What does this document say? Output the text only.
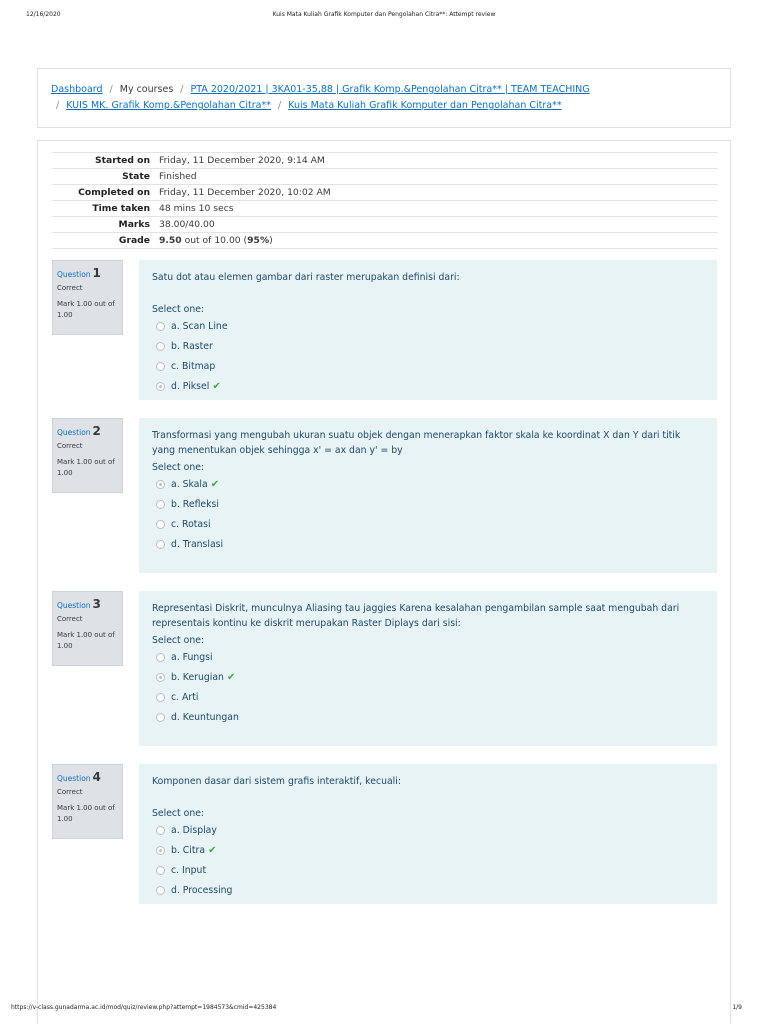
12/16/2020	Kuis Mata Kuliah Grafik Komputer dan Pengolahan Citra**: Attempt review
Dashboard / My courses / PTA 2020/2021 | 3KA01-35,88 | Grafik Komp.&Pengolahan Citra** | TEAM TEACHING
/ KUIS MK. Grafik Komp.&Pengolahan Citra** / Kuis Mata Kuliah Grafik Komputer dan Pengolahan Citra**
Started on	Friday, 11 December 2020, 9:14 AM
State	Finished
Completed on	Friday, 11 December 2020, 10:02 AM
Time taken	48 mins 10 secs
Marks	38.00/40.00
Grade	9.50 out of 10.00 (95%)
Question 1
Correct
Mark 1.00 out of 1.00
Satu dot atau elemen gambar dari raster merupakan definisi dari:
Select one:
a. Scan Line
b. Raster
c. Bitmap
d. Piksel ✔
Question 2
Correct
Mark 1.00 out of 1.00
Transformasi yang mengubah ukuran suatu objek dengan menerapkan faktor skala ke koordinat X dan Y dari titik yang menentukan objek sehingga x' = ax dan y' = by
Select one:
a. Skala ✔
b. Refleksi
c. Rotasi
d. Translasi
Question 3
Correct
Mark 1.00 out of 1.00
Representasi Diskrit, munculnya Aliasing tau jaggies Karena kesalahan pengambilan sample saat mengubah dari representais kontinu ke diskrit merupakan Raster Diplays dari sisi:
Select one:
a. Fungsi
b. Kerugian ✔
c. Arti
d. Keuntungan
Question 4
Correct
Mark 1.00 out of 1.00
Komponen dasar dari sistem grafis interaktif, kecuali:
Select one:
a. Display
b. Citra ✔
c. Input
d. Processing
https://v-class.gunadarma.ac.id/mod/quiz/review.php?attempt=1984573&cmid=425384	1/9
